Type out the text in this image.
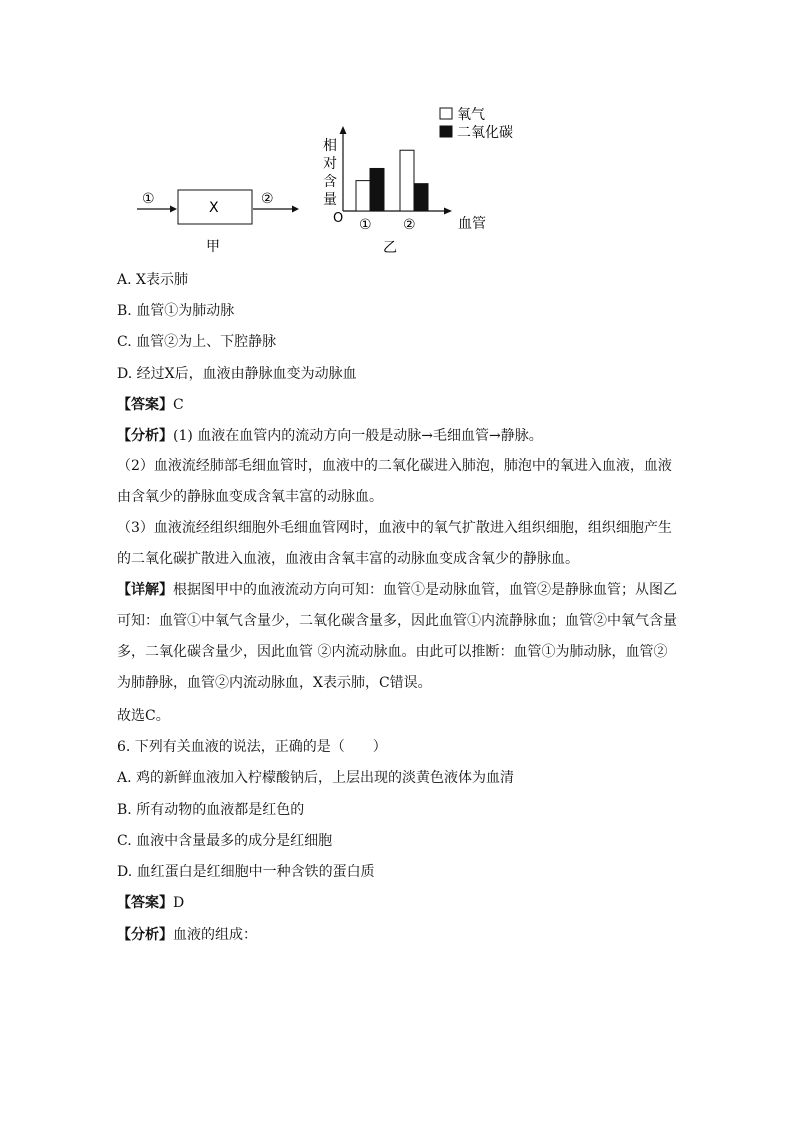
①
X
②
甲
O	血管
相
对
含
量
① ②
乙
氧气
二氧化碳
A. X表示肺
B. 血管①为肺动脉
C. 血管②为上、下腔静脉
D. 经过X后，血液由静脉血变为动脉血
【答案】C
【分析】(1) 血液在血管内的流动方向一般是动脉→毛细血管→静脉。
（2）血液流经肺部毛细血管时，血液中的二氧化碳进入肺泡，肺泡中的氧进入血液，血液由含氧少的静脉血变成含氧丰富的动脉血。
（3）血液流经组织细胞外毛细血管网时，血液中的氧气扩散进入组织细胞，组织细胞产生的二氧化碳扩散进入血液，血液由含氧丰富的动脉血变成含氧少的静脉血。
【详解】根据图甲中的血液流动方向可知：血管①是动脉血管，血管②是静脉血管；从图乙可知：血管①中氧气含量少，二氧化碳含量多，因此血管①内流静脉血；血管②中氧气含量多，二氧化碳含量少，因此血管 ②内流动脉血。由此可以推断：血管①为肺动脉，血管②为肺静脉，血管②内流动脉血，X表示肺，C错误。
故选C。
6. 下列有关血液的说法，正确的是（　　）
A. 鸡的新鲜血液加入柠檬酸钠后，上层出现的淡黄色液体为血清
B. 所有动物的血液都是红色的
C. 血液中含量最多的成分是红细胞
D. 血红蛋白是红细胞中一种含铁的蛋白质
【答案】D
【分析】血液的组成：
